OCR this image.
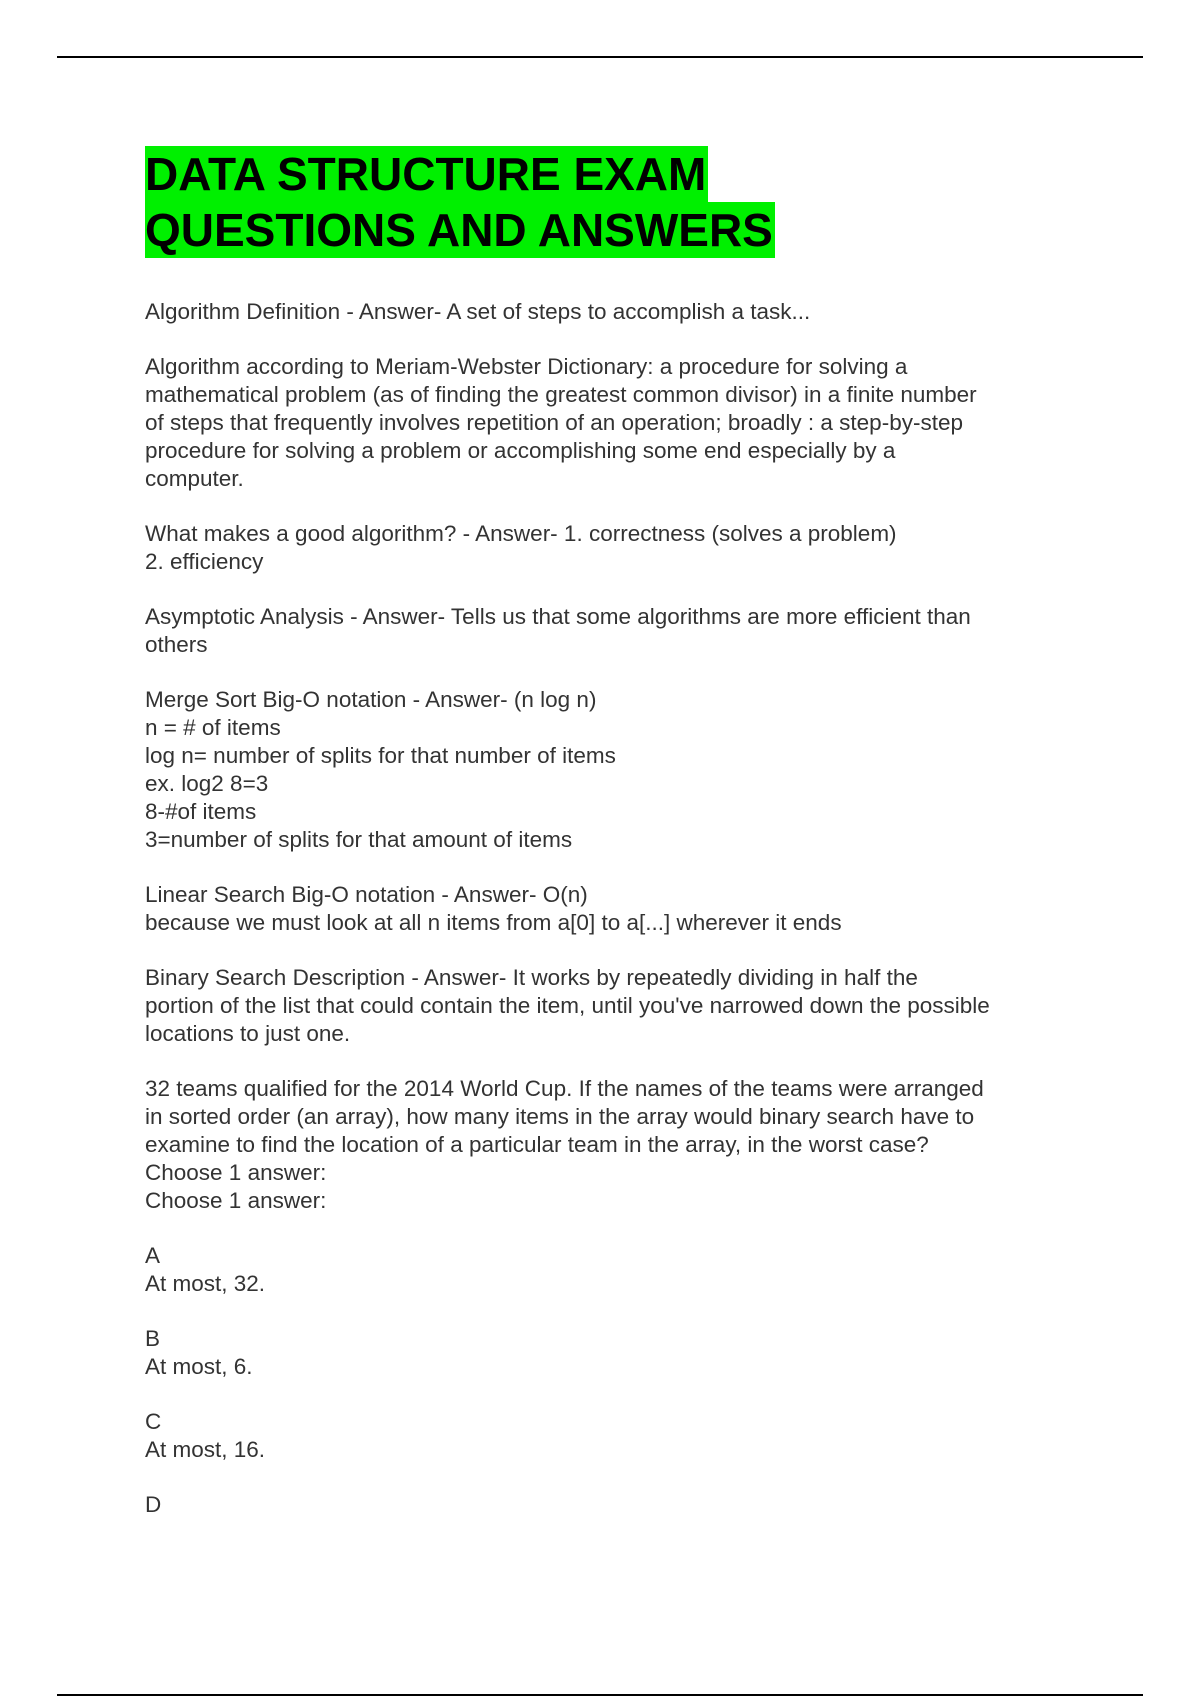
DATA STRUCTURE EXAM
QUESTIONS AND ANSWERS
Algorithm Definition - Answer- A set of steps to accomplish a task...
Algorithm according to Meriam-Webster Dictionary: a procedure for solving a
mathematical problem (as of finding the greatest common divisor) in a finite number
of steps that frequently involves repetition of an operation; broadly : a step-by-step
procedure for solving a problem or accomplishing some end especially by a
computer.
What makes a good algorithm? - Answer- 1. correctness (solves a problem)
2. efficiency
Asymptotic Analysis - Answer- Tells us that some algorithms are more efficient than
others
Merge Sort Big-O notation - Answer- (n log n)
n = # of items
log n= number of splits for that number of items
ex. log2 8=3
8-#of items
3=number of splits for that amount of items
Linear Search Big-O notation - Answer- O(n)
because we must look at all n items from a[0] to a[...] wherever it ends
Binary Search Description - Answer- It works by repeatedly dividing in half the
portion of the list that could contain the item, until you've narrowed down the possible
locations to just one.
32 teams qualified for the 2014 World Cup. If the names of the teams were arranged
in sorted order (an array), how many items in the array would binary search have to
examine to find the location of a particular team in the array, in the worst case?
Choose 1 answer:
Choose 1 answer:
A
At most, 32.
B
At most, 6.
C
At most, 16.
D
